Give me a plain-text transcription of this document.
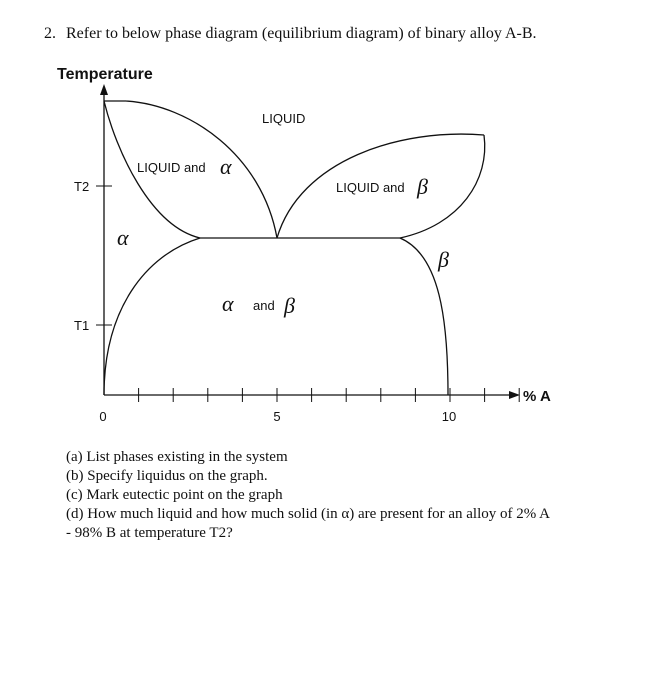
2. Refer to below phase diagram (equilibrium diagram) of binary alloy A-B.
Temperature
% A
T2
T1
0	5	10
LIQUID
LIQUID and α
LIQUID and β
α
β
α and β
(a) List phases existing in the system
(b) Specify liquidus on the graph.
(c) Mark eutectic point on the graph
(d) How much liquid and how much solid (in α) are present for an alloy of 2% A
- 98% B at temperature T2?
